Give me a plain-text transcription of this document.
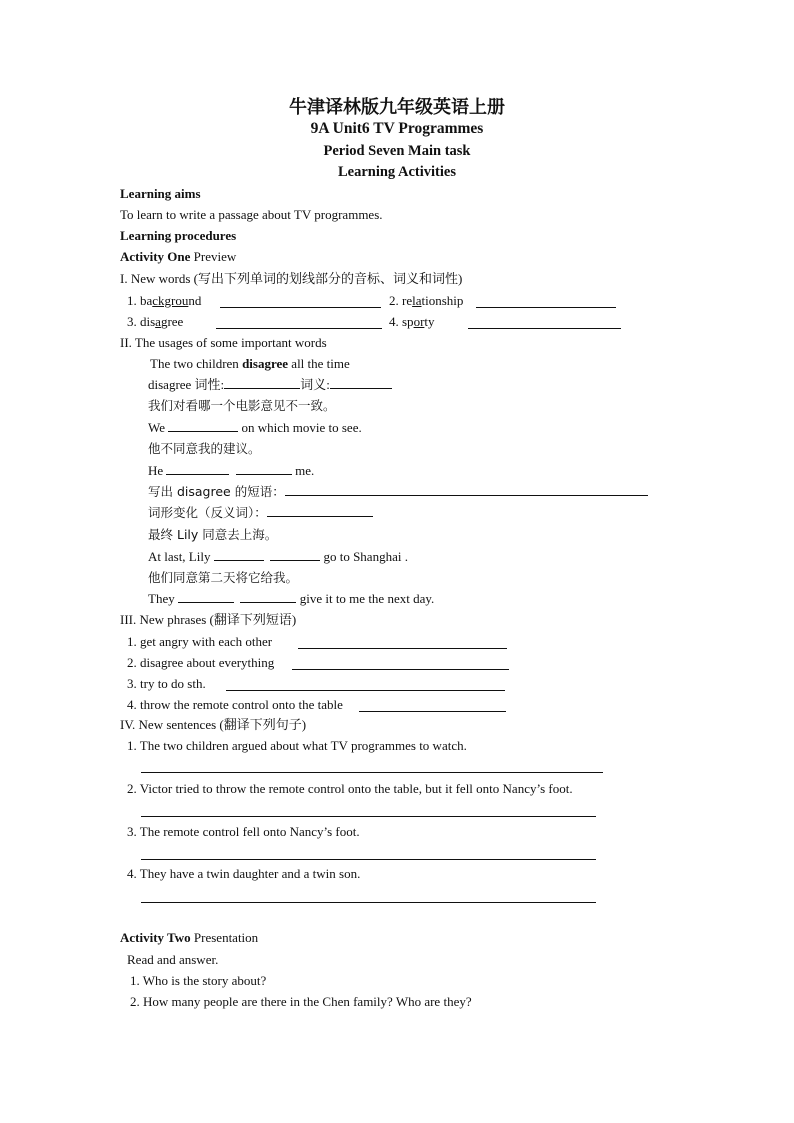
牛津译林版九年级英语上册
9A Unit6 TV Programmes
Period Seven Main task
Learning Activities
Learning aims
To learn to write a passage about TV programmes.
Learning procedures
Activity One Preview
I. New words (写出下列单词的划线部分的音标、词义和词性)
1. background	2. relationship
3. disagree	4. sporty
II. The usages of some important words
The two children disagree all the time
disagree 词性:	词义:
我们对看哪一个电影意见不一致。
We	on which movie to see.
他不同意我的建议。
He	me.
写出 disagree 的短语：
词形变化（反义词）：
最终 Lily 同意去上海。
At last, Lily	go to Shanghai .
他们同意第二天将它给我。
They	give it to me the next day.
III. New phrases (翻译下列短语)
1. get angry with each other
2. disagree about everything
3. try to do sth.
4. throw the remote control onto the table
IV. New sentences (翻译下列句子)
1. The two children argued about what TV programmes to watch.
2. Victor tried to throw the remote control onto the table, but it fell onto Nancy’s foot.
3. The remote control fell onto Nancy’s foot.
4. They have a twin daughter and a twin son.
Activity Two Presentation
Read and answer.
1. Who is the story about?
2. How many people are there in the Chen family? Who are they?
